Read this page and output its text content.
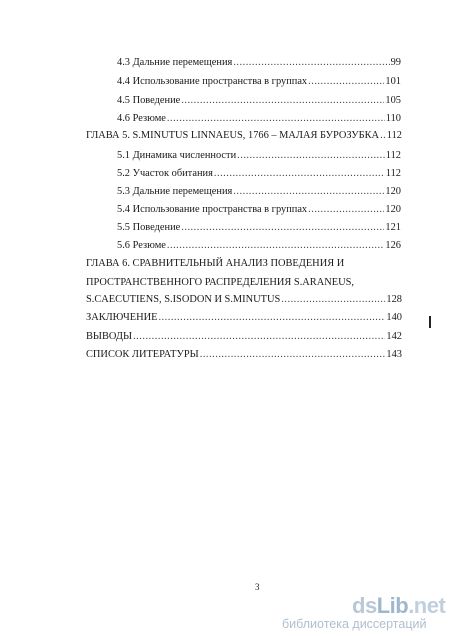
4.3 Дальние перемещения .....	99
4.4 Использование пространства в группах .....	101
4.5 Поведение .....	105
4.6 Резюме .....	110
ГЛАВА 5. S.MINUTUS LINNAEUS, 1766 – МАЛАЯ БУРОЗУБКА ..... 112
5.1 Динамика численности .....	112
5.2 Участок обитания .....	112
5.3 Дальние перемещения .....	120
5.4 Использование пространства в группах .....	120
5.5 Поведение .....	121
5.6 Резюме .....	126
ГЛАВА 6. СРАВНИТЕЛЬНЫЙ АНАЛИЗ ПОВЕДЕНИЯ И
ПРОСТРАНСТВЕННОГО РАСПРЕДЕЛЕНИЯ S.ARANEUS,
S.CAECUTIENS, S.ISODON И S.MINUTUS .....	128
ЗАКЛЮЧЕНИЕ .....	140
ВЫВОДЫ .....	142
СПИСОК ЛИТЕРАТУРЫ .....	143
3
dsLib.net
библиотека диссертаций
